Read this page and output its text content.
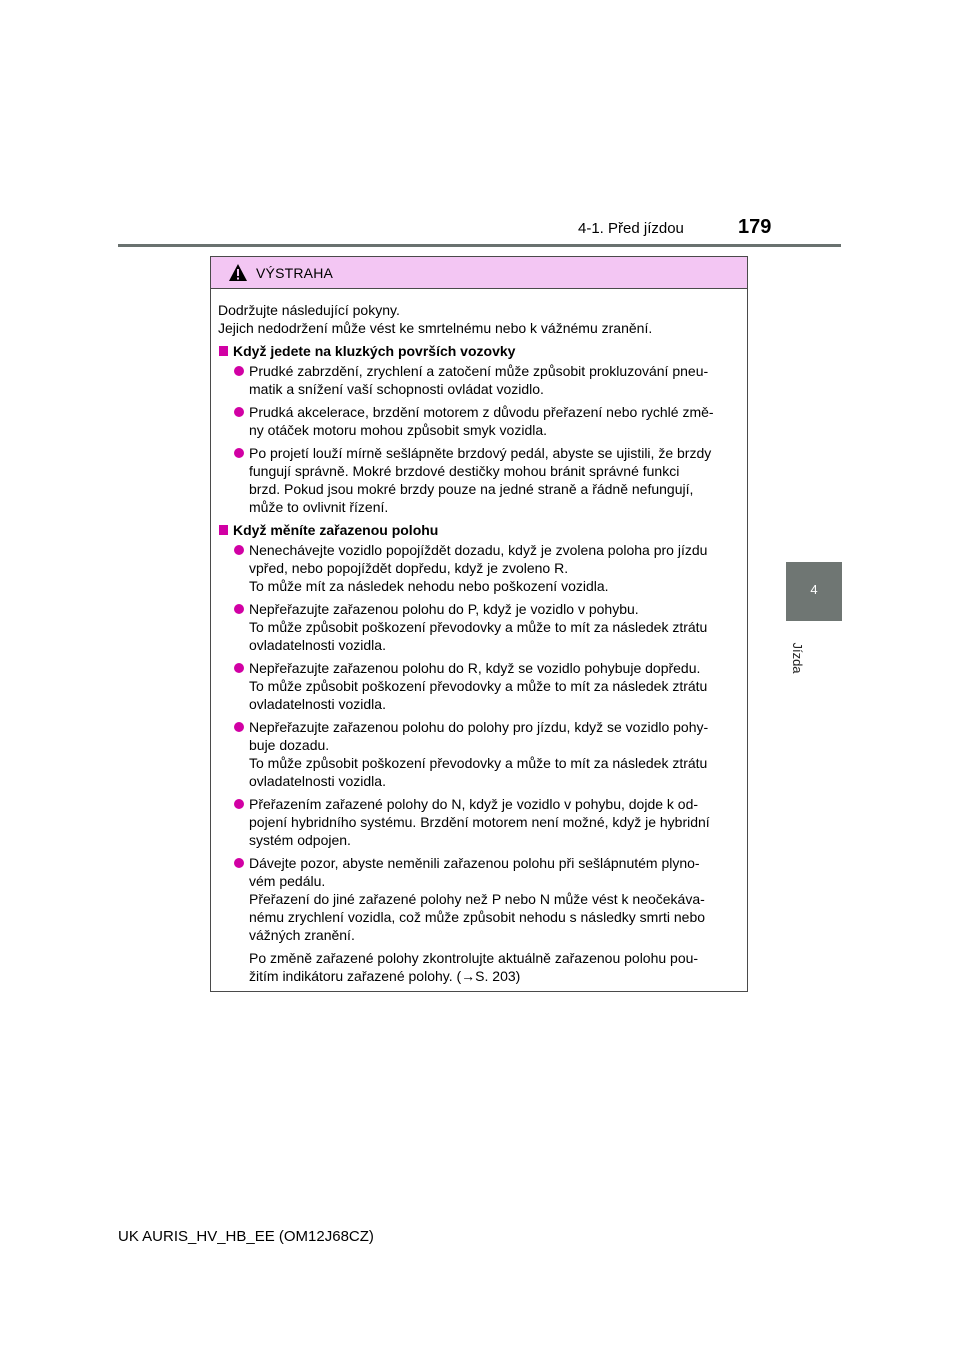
4-1. Před jízdou	179
4
Jízda
VÝSTRAHA

Dodržujte následující pokyny.
Jejich nedodržení může vést ke smrtelnému nebo k vážnému zranění.

Když jedete na kluzkých površích vozovky

Prudké zabrzdění, zrychlení a zatočení může způsobit prokluzování pneu-
matik a snížení vaší schopnosti ovládat vozidlo.
Prudká akcelerace, brzdění motorem z důvodu přeřazení nebo rychlé změ-
ny otáček motoru mohou způsobit smyk vozidla.
Po projetí louží mírně sešlápněte brzdový pedál, abyste se ujistili, že brzdy
fungují správně. Mokré brzdové destičky mohou bránit správné funkci
brzd. Pokud jsou mokré brzdy pouze na jedné straně a řádně nefungují,
může to ovlivnit řízení.

Když měníte zařazenou polohu

Nenechávejte vozidlo popojíždět dozadu, když je zvolena poloha pro jízdu
vpřed, nebo popojíždět dopředu, když je zvoleno R.
To může mít za následek nehodu nebo poškození vozidla.
Nepřeřazujte zařazenou polohu do P, když je vozidlo v pohybu.
To může způsobit poškození převodovky a může to mít za následek ztrátu
ovladatelnosti vozidla.
Nepřeřazujte zařazenou polohu do R, když se vozidlo pohybuje dopředu.
To může způsobit poškození převodovky a může to mít za následek ztrátu
ovladatelnosti vozidla.
Nepřeřazujte zařazenou polohu do polohy pro jízdu, když se vozidlo pohy-
buje dozadu.
To může způsobit poškození převodovky a může to mít za následek ztrátu
ovladatelnosti vozidla.
Přeřazením zařazené polohy do N, když je vozidlo v pohybu, dojde k od-
pojení hybridního systému. Brzdění motorem není možné, když je hybridní
systém odpojen.
Dávejte pozor, abyste neměnili zařazenou polohu při sešlápnutém plyno-
vém pedálu.
Přeřazení do jiné zařazené polohy než P nebo N může vést k neočekáva-
nému zrychlení vozidla, což může způsobit nehodu s následky smrti nebo
vážných zranění.
Po změně zařazené polohy zkontrolujte aktuálně zařazenou polohu pou-
žitím indikátoru zařazené polohy. (→S. 203)
UK AURIS_HV_HB_EE (OM12J68CZ)
